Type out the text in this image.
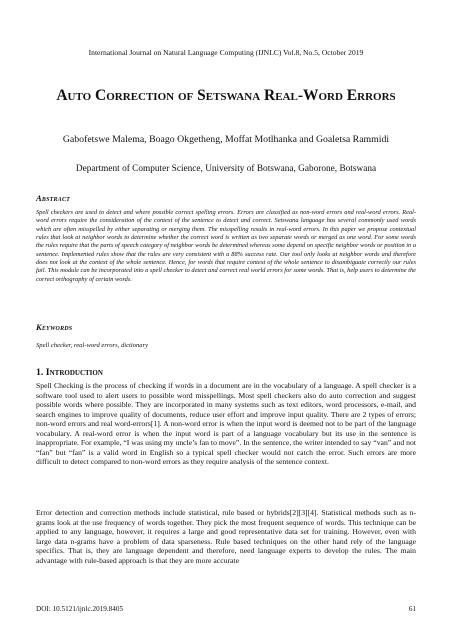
International Journal on Natural Language Computing (IJNLC) Vol.8, No.5, October 2019
Auto Correction of Setswana Real-Word Errors
Gabofetswe Malema, Boago Okgetheng, Moffat Motlhanka and Goaletsa Rammidi
Department of Computer Science, University of Botswana, Gaborone, Botswana
Abstract
Spell checkers are used to detect and where possible correct spelling errors. Errors are classified as non-word errors and real-word errors. Real-word errors require the consideration of the context of the sentence to detect and correct. Setswana language has several commonly used words which are often misspelled by either separating or merging them. The misspelling results in real-word errors. In this paper we propose contextual rules that look at neighbor words to determine whether the correct word is written as two separate words or merged as one word. For some words the rules require that the parts of speech category of neighbor words be determined whereas some depend on specific neighbor words or position in a sentence. Implemented rules show that the rules are very consistent with a 88% success rate. Our tool only looks at neighbor words and therefore does not look at the context of the whole sentence. Hence, for words that require context of the whole sentence to disambiguate correctly our rules fail. This module can be incorporated into a spell checker to detect and correct real world errors for some words. That is, help users to determine the correct orthography of certain words.
Keywords
Spell checker, real-word errors, dictionary
1. Introduction
Spell Checking is the process of checking if words in a document are in the vocabulary of a language. A spell checker is a software tool used to alert users to possible word misspellings. Most spell checkers also do auto correction and suggest possible words where possible. They are incorporated in many systems such as text editors, word processors, e-mail, and search engines to improve quality of documents, reduce user effort and improve input quality. There are 2 types of errors; non-word errors and real word-errors[1]. A non-word error is when the input word is deemed not to be part of the language vocabulary. A real-word error is when the input word is part of a language vocabulary but its use in the sentence is inappropriate. For example, “I was using my uncle’s fan to move”. In the sentence, the writer intended to say “van” and not “fan” but “fan” is a valid word in English so a typical spell checker would not catch the error. Such errors are more difficult to detect compared to non-word errors as they require analysis of the sentence context.
Error detection and correction methods include statistical, rule based or hybrids[2][3][4]. Statistical methods such as n-grams look at the use frequency of words together. They pick the most frequent sequence of words. This technique can be applied to any language, however, it requires a large and good representative data set for training. However, even with large data n-grams have a problem of data sparseness. Rule based techniques on the other hand rely of the language specifics. That is, they are language dependent and therefore, need language experts to develop the rules. The main advantage with rule-based approach is that they are more accurate
DOI: 10.5121/ijnlc.2019.8405	61
